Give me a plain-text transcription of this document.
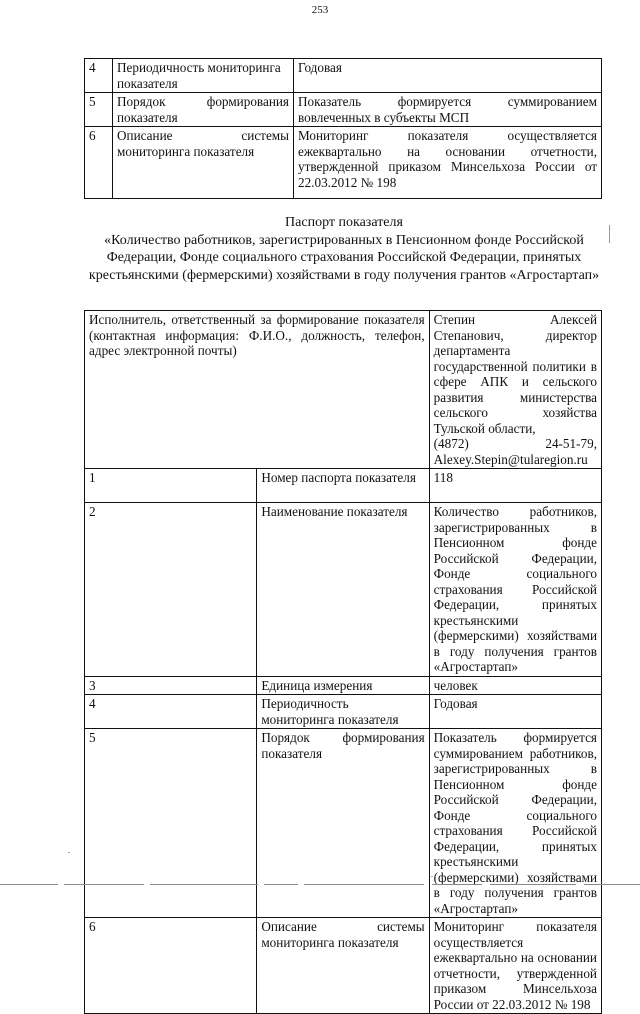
253
4	Периодичность мониторинга показателя	Годовая
5	Порядок формирования показателя	Показатель формируется суммированием вовлеченных в субъекты МСП
6	Описание системы мониторинга показателя	Мониторинг показателя осуществляется ежеквартально на основании отчетности, утвержденной приказом Минсельхоза России от 22.03.2012 № 198
Паспорт показателя
«Количество работников, зарегистрированных в Пенсионном фонде Российской Федерации, Фонде социального страхования Российской Федерации, принятых крестьянскими (фермерскими) хозяйствами в году получения грантов «Агростартап»
Исполнитель, ответственный за формирование показателя (контактная информация: Ф.И.О., должность, телефон, адрес электронной почты)		Степин Алексей Степанович, директор департамента государственной политики в сфере АПК и сельского развития министерства сельского хозяйства Тульской области,
(4872) 24-51-79, Alexey.Stepin@tularegion.ru

1	Номер паспорта показателя	118
2	Наименование показателя	Количество работников, зарегистрированных в Пенсионном фонде Российской Федерации, Фонде социального страхования Российской Федерации, принятых крестьянскими (фермерскими) хозяйствами в году получения грантов «Агростартап»
3	Единица измерения	человек
4	Периодичность мониторинга показателя	Годовая
5	Порядок формирования показателя	Показатель формируется суммированием работников, зарегистрированных в Пенсионном фонде Российской Федерации, Фонде социального страхования Российской Федерации, принятых крестьянскими (фермерскими) хозяйствами в году получения грантов «Агростартап»
6	Описание системы мониторинга показателя	Мониторинг показателя осуществляется ежеквартально на основании отчетности, утвержденной приказом Минсельхоза России от 22.03.2012 № 198
